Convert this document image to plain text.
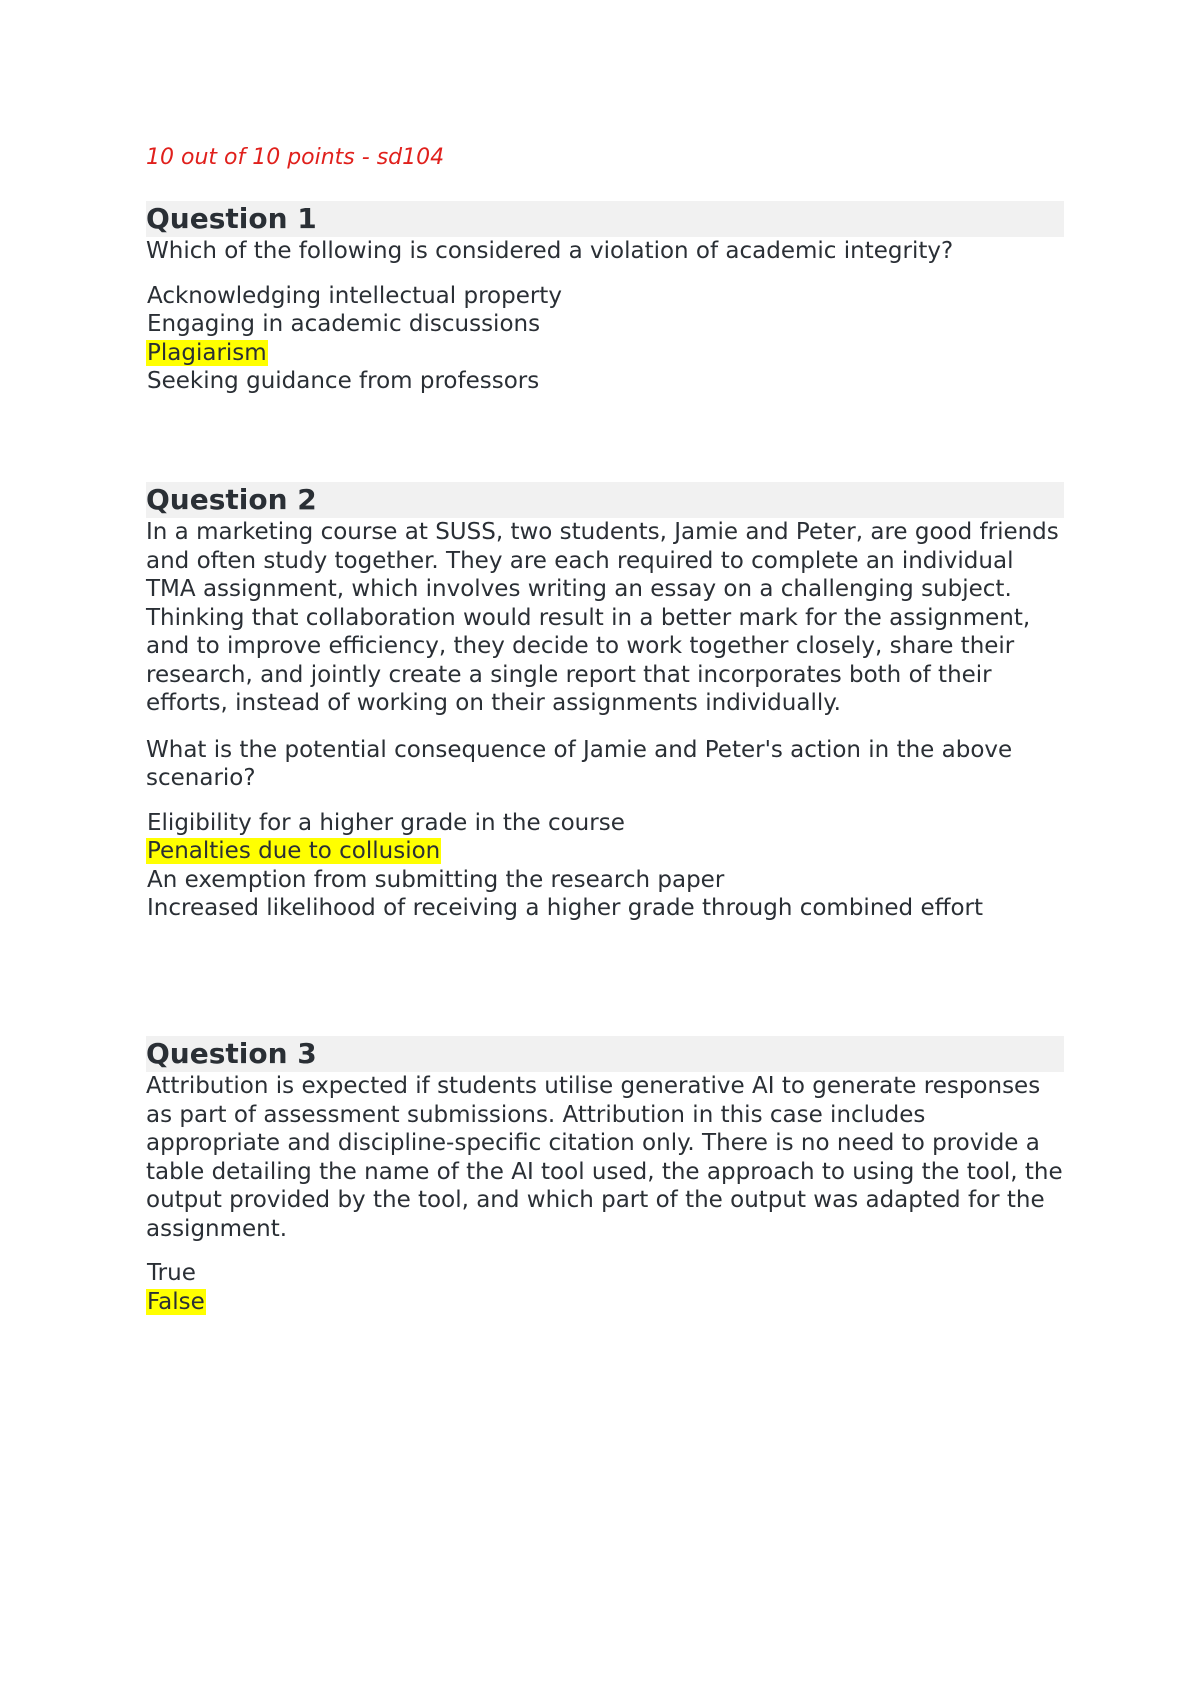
10 out of 10 points - sd104
Question 1
Which of the following is considered a violation of academic integrity?
Acknowledging intellectual property
Engaging in academic discussions
Plagiarism
Seeking guidance from professors
Question 2
In a marketing course at SUSS, two students, Jamie and Peter, are good friends and often study together. They are each required to complete an individual TMA assignment, which involves writing an essay on a challenging subject. Thinking that collaboration would result in a better mark for the assignment, and to improve efficiency, they decide to work together closely, share their research, and jointly create a single report that incorporates both of their efforts, instead of working on their assignments individually.
What is the potential consequence of Jamie and Peter's action in the above scenario?
Eligibility for a higher grade in the course
Penalties due to collusion
An exemption from submitting the research paper
Increased likelihood of receiving a higher grade through combined effort
Question 3
Attribution is expected if students utilise generative AI to generate responses as part of assessment submissions. Attribution in this case includes appropriate and discipline-specific citation only. There is no need to provide a table detailing the name of the AI tool used, the approach to using the tool, the output provided by the tool, and which part of the output was adapted for the assignment.
True
False
